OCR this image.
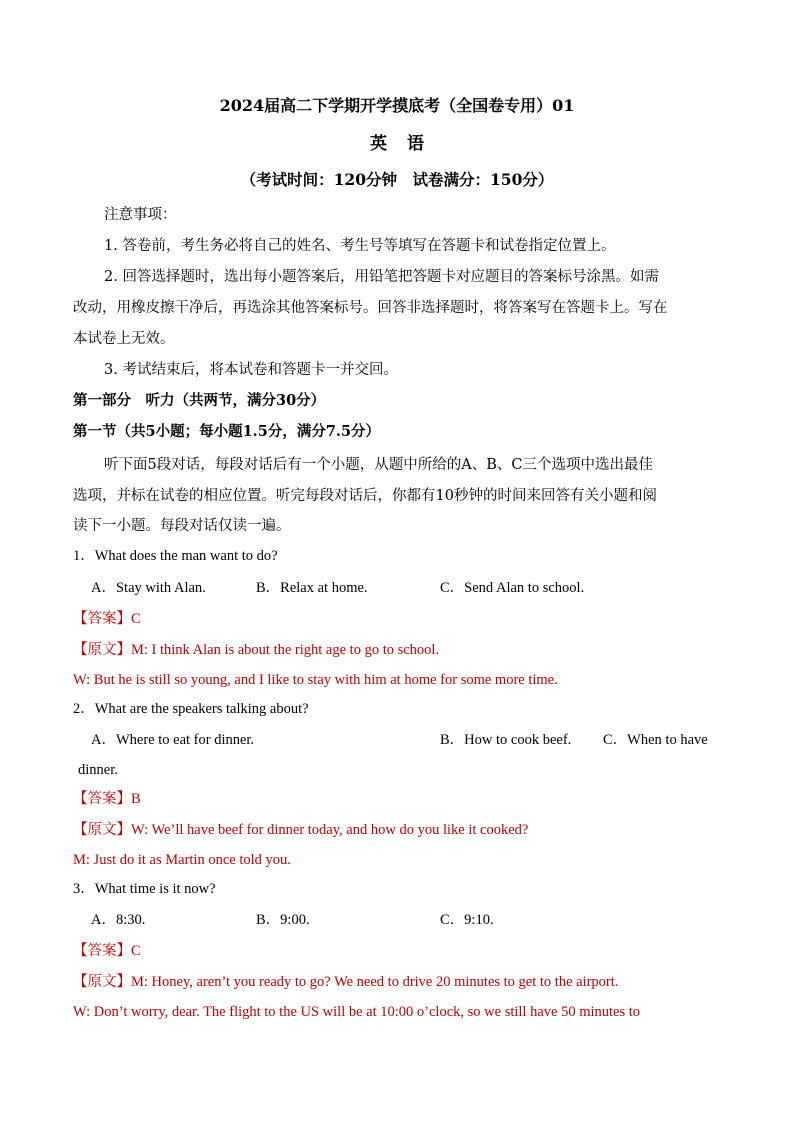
2024届高二下学期开学摸底考（全国卷专用）01
英语
（考试时间：120分钟　试卷满分：150分）
注意事项：
1. 答卷前，考生务必将自己的姓名、考生号等填写在答题卡和试卷指定位置上。
2. 回答选择题时，选出每小题答案后，用铅笔把答题卡对应题目的答案标号涂黑。如需
改动，用橡皮擦干净后，再选涂其他答案标号。回答非选择题时，将答案写在答题卡上。写在
本试卷上无效。
3. 考试结束后，将本试卷和答题卡一并交回。
第一部分　听力（共两节，满分30分）
第一节（共5小题；每小题1.5分，满分7.5分）
听下面5段对话，每段对话后有一个小题，从题中所给的A、B、C三个选项中选出最佳
选项，并标在试卷的相应位置。听完每段对话后，你都有10秒钟的时间来回答有关小题和阅
读下一小题。每段对话仅读一遍。
1．What does the man want to do?
A．Stay with Alan.	B．Relax at home.	C．Send Alan to school.
【答案】C
【原文】M: I think Alan is about the right age to go to school.
W: But he is still so young, and I like to stay with him at home for some more time.
2．What are the speakers talking about?
A．Where to eat for dinner.	B．How to cook beef. C．When to have
dinner.
【答案】B
【原文】W: We’ll have beef for dinner today, and how do you like it cooked?
M: Just do it as Martin once told you.
3．What time is it now?
A．8:30.	B．9:00.	C．9:10.
【答案】C
【原文】M: Honey, aren’t you ready to go? We need to drive 20 minutes to get to the airport.
W: Don’t worry, dear. The flight to the US will be at 10:00 o’clock, so we still have 50 minutes to
